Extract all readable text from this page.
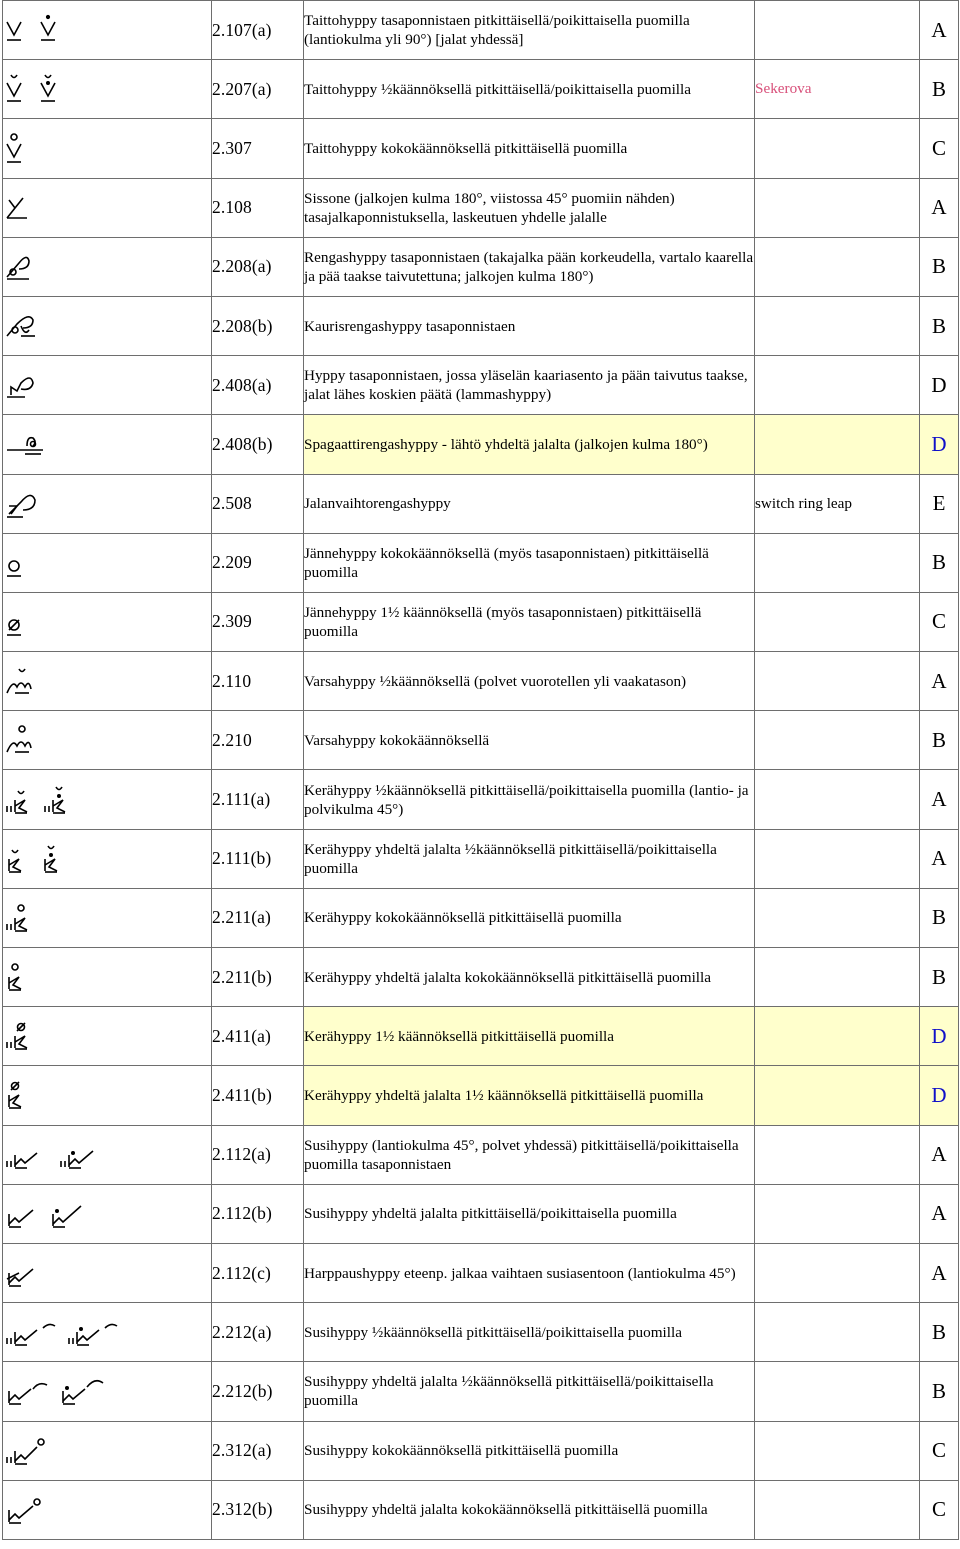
	2.107(a)	Taittohyppy tasaponnistaen pitkittäisellä/poikittaisella puomilla (lantiokulma yli 90°) [jalat yhdessä]		A

	2.207(a)	Taittohyppy ½käännöksellä pitkittäisellä/poikittaisella puomilla	Sekerova	B

	2.307	Taittohyppy kokokäännöksellä pitkittäisellä puomilla		C

	2.108	Sissone (jalkojen kulma 180°, viistossa 45° puomiin nähden) tasajalkaponnistuksella, laskeutuen yhdelle jalalle		A

	2.208(a)	Rengashyppy tasaponnistaen (takajalka pään korkeudella, vartalo kaarella ja pää taakse taivutettuna; jalkojen kulma 180°)		B

	2.208(b)	Kaurisrengashyppy tasaponnistaen		B

	2.408(a)	Hyppy tasaponnistaen, jossa yläselän kaariasento ja pään taivutus taakse, jalat lähes koskien päätä (lammashyppy)		D

	2.408(b)	Spagaattirengashyppy - lähtö yhdeltä jalalta (jalkojen kulma 180°)		D

	2.508	Jalanvaihtorengashyppy	switch ring leap	E

	2.209	Jännehyppy kokokäännöksellä (myös tasaponnistaen) pitkittäisellä puomilla		B

	2.309	Jännehyppy 1½ käännöksellä (myös tasaponnistaen) pitkittäisellä puomilla		C

	2.110	Varsahyppy ½käännöksellä (polvet vuorotellen yli vaakatason)		A

	2.210	Varsahyppy kokokäännöksellä		B

	2.111(a)	Kerähyppy ½käännöksellä pitkittäisellä/poikittaisella puomilla (lantio- ja polvikulma 45°)		A

	2.111(b)	Kerähyppy yhdeltä jalalta ½käännöksellä pitkittäisellä/poikittaisella puomilla		A

	2.211(a)	Kerähyppy kokokäännöksellä pitkittäisellä puomilla		B

	2.211(b)	Kerähyppy yhdeltä jalalta kokokäännöksellä pitkittäisellä puomilla		B

	2.411(a)	Kerähyppy 1½ käännöksellä pitkittäisellä puomilla		D

	2.411(b)	Kerähyppy yhdeltä jalalta 1½ käännöksellä pitkittäisellä puomilla		D

	2.112(a)	Susihyppy (lantiokulma 45°, polvet yhdessä) pitkittäisellä/poikittaisella puomilla tasaponnistaen		A

	2.112(b)	Susihyppy yhdeltä jalalta pitkittäisellä/poikittaisella puomilla		A

	2.112(c)	Harppaushyppy eteenp. jalkaa vaihtaen susiasentoon (lantiokulma 45°)		A

	2.212(a)	Susihyppy ½käännöksellä pitkittäisellä/poikittaisella puomilla		B

	2.212(b)	Susihyppy yhdeltä jalalta ½käännöksellä pitkittäisellä/poikittaisella puomilla		B

	2.312(a)	Susihyppy kokokäännöksellä pitkittäisellä puomilla		C

	2.312(b)	Susihyppy yhdeltä jalalta kokokäännöksellä pitkittäisellä puomilla		C
